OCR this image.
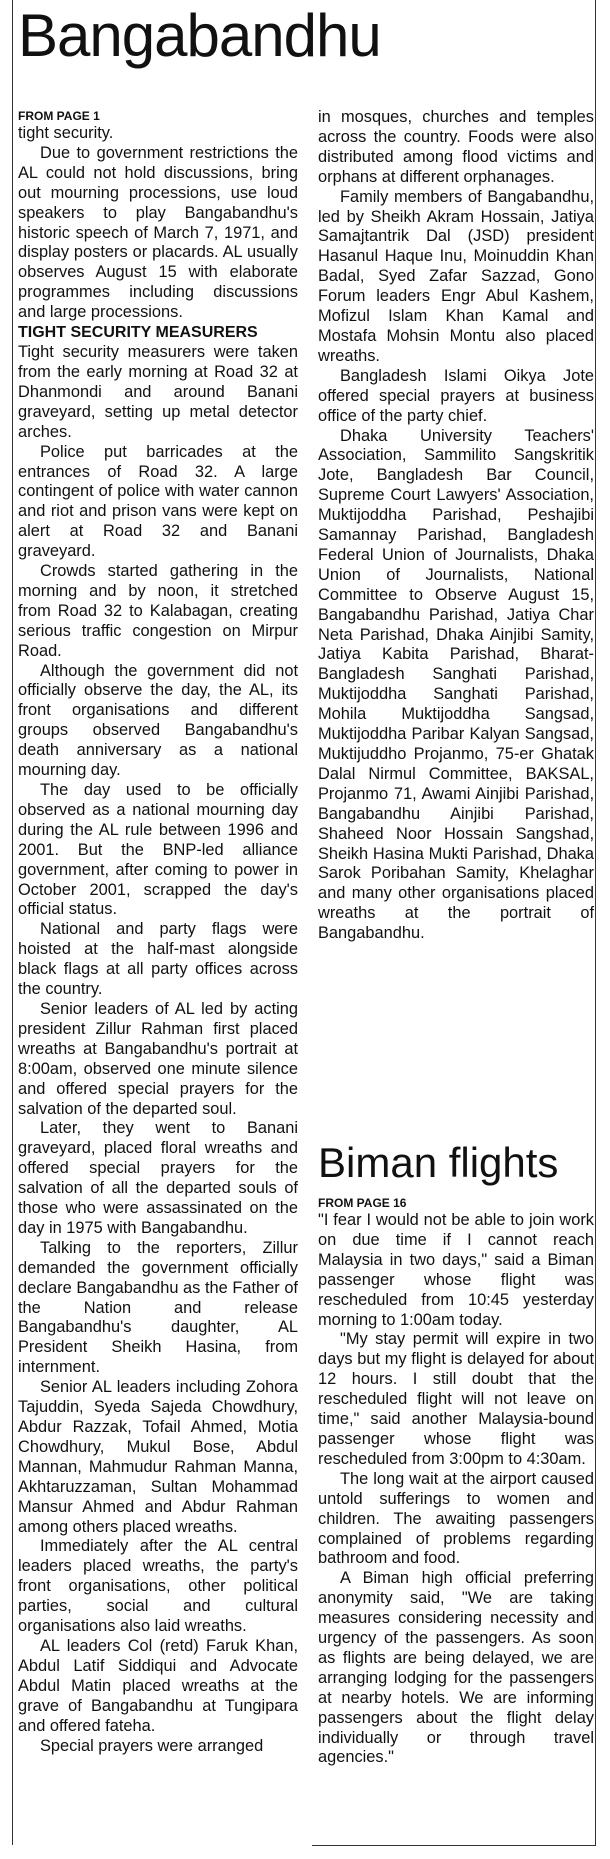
Bangabandhu
FROM PAGE 1

tight security.

Due to government restrictions the AL could not hold discussions, bring out mourning processions, use loud speakers to play Bangabandhu's historic speech of March 7, 1971, and display posters or placards. AL usually observes August 15 with elaborate programmes including discussions and large processions.

TIGHT SECURITY MEASURERS

Tight security measurers were taken from the early morning at Road 32 at Dhanmondi and around Banani graveyard, setting up metal detector arches.

Police put barricades at the entrances of Road 32. A large contingent of police with water cannon and riot and prison vans were kept on alert at Road 32 and Banani graveyard.

Crowds started gathering in the morning and by noon, it stretched from Road 32 to Kalabagan, creating serious traffic congestion on Mirpur Road.

Although the government did not officially observe the day, the AL, its front organisations and different groups observed Bangabandhu's death anniversary as a national mourning day.

The day used to be officially observed as a national mourning day during the AL rule between 1996 and 2001. But the BNP-led alliance government, after coming to power in October 2001, scrapped the day's official status.

National and party flags were hoisted at the half-mast alongside black flags at all party offices across the country.

Senior leaders of AL led by acting president Zillur Rahman first placed wreaths at Bangabandhu's portrait at 8:00am, observed one minute silence and offered special prayers for the salvation of the departed soul.

Later, they went to Banani graveyard, placed floral wreaths and offered special prayers for the salvation of all the departed souls of those who were assassinated on the day in 1975 with Bangabandhu.

Talking to the reporters, Zillur demanded the government officially declare Bangabandhu as the Father of the Nation and release Bangabandhu's daughter, AL President Sheikh Hasina, from internment.

Senior AL leaders including Zohora Tajuddin, Syeda Sajeda Chowdhury, Abdur Razzak, Tofail Ahmed, Motia Chowdhury, Mukul Bose, Abdul Mannan, Mahmudur Rahman Manna, Akhtaruzzaman, Sultan Mohammad Mansur Ahmed and Abdur Rahman among others placed wreaths.

Immediately after the AL central leaders placed wreaths, the party's front organisations, other political parties, social and cultural organisations also laid wreaths.

AL leaders Col (retd) Faruk Khan, Abdul Latif Siddiqui and Advocate Abdul Matin placed wreaths at the grave of Bangabandhu at Tungipara and offered fateha.

Special prayers were arranged

in mosques, churches and temples across the country. Foods were also distributed among flood victims and orphans at different orphanages.

Family members of Bangabandhu, led by Sheikh Akram Hossain, Jatiya Samajtantrik Dal (JSD) president Hasanul Haque Inu, Moinuddin Khan Badal, Syed Zafar Sazzad, Gono Forum leaders Engr Abul Kashem, Mofizul Islam Khan Kamal and Mostafa Mohsin Montu also placed wreaths.

Bangladesh Islami Oikya Jote offered special prayers at business office of the party chief.

Dhaka University Teachers' Association, Sammilito Sangskritik Jote, Bangladesh Bar Council, Supreme Court Lawyers' Association, Muktijoddha Parishad, Peshajibi Samannay Parishad, Bangladesh Federal Union of Journalists, Dhaka Union of Journalists, National Committee to Observe August 15, Bangabandhu Parishad, Jatiya Char Neta Parishad, Dhaka Ainjibi Samity, Jatiya Kabita Parishad, Bharat-Bangladesh Sanghati Parishad, Muktijoddha Sanghati Parishad, Mohila Muktijoddha Sangsad, Muktijoddha Paribar Kalyan Sangsad, Muktijuddho Projanmo, 75-er Ghatak Dalal Nirmul Committee, BAKSAL, Projanmo 71, Awami Ainjibi Parishad, Bangabandhu Ainjibi Parishad, Shaheed Noor Hossain Sangshad, Sheikh Hasina Mukti Parishad, Dhaka Sarok Poribahan Samity, Khelaghar and many other organisations placed wreaths at the portrait of Bangabandhu.

Biman flights
FROM PAGE 16

"I fear I would not be able to join work on due time if I cannot reach Malaysia in two days," said a Biman passenger whose flight was rescheduled from 10:45 yesterday morning to 1:00am today.

"My stay permit will expire in two days but my flight is delayed for about 12 hours. I still doubt that the rescheduled flight will not leave on time," said another Malaysia-bound passenger whose flight was rescheduled from 3:00pm to 4:30am.

The long wait at the airport caused untold sufferings to women and children. The awaiting passengers complained of problems regarding bathroom and food.

A Biman high official preferring anonymity said, "We are taking measures considering necessity and urgency of the passengers. As soon as flights are being delayed, we are arranging lodging for the passengers at nearby hotels. We are informing passengers about the flight delay individually or through travel agencies."
